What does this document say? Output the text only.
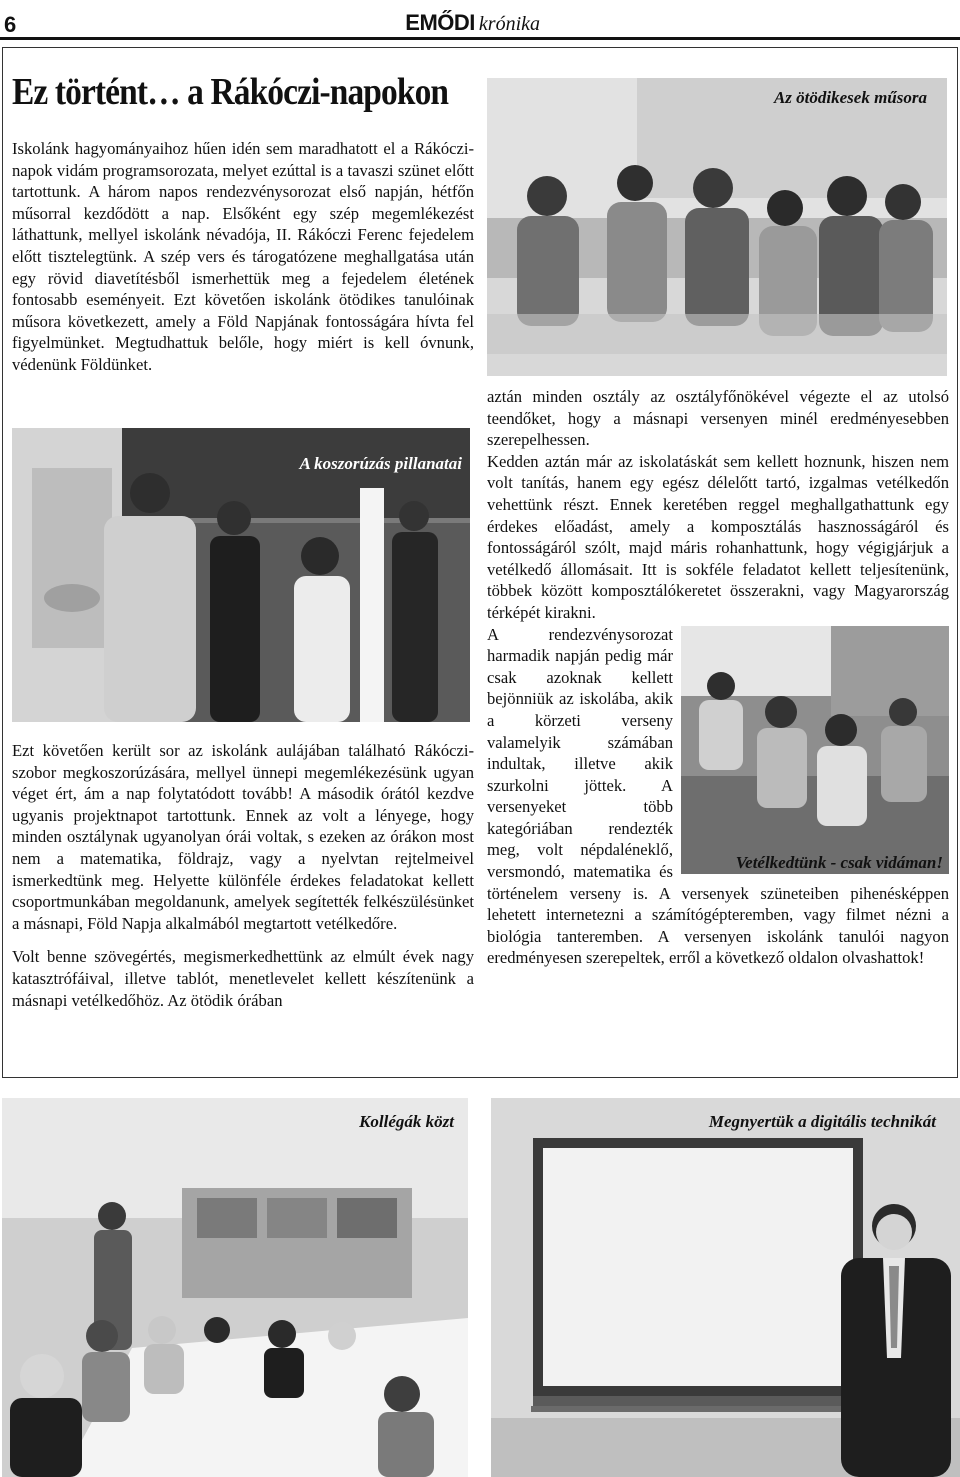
6	EMŐDI krónika
Ez történt… a Rákóczi-napokon

Iskolánk hagyományaihoz hűen idén sem maradhatott el a Rákóczi-napok vidám programsorozata, melyet ezúttal is a tavaszi szünet előtt tartottunk. A három napos rendezvénysorozat első napján, hétfőn műsorral kezdődött a nap. Elsőként egy szép megemlékezést láthattunk, mellyel iskolánk névadója, II. Rákóczi Ferenc fejedelem előtt tisztelegtünk. A szép vers és tárogatózene meghallgatása után egy rövid diavetítésből ismerhettük meg a fejedelem életének fontosabb eseményeit. Ezt követően iskolánk ötödikes tanulóinak műsora következett, amely a Föld Napjának fontosságára hívta fel figyelmünket. Megtudhattuk belőle, hogy miért is kell óvnunk, védenünk Földünket.

A koszorúzás pillanatai

Ezt követően került sor az iskolánk aulájában található Rákóczi-szobor megkoszorúzására, mellyel ünnepi megemlékezésünk ugyan véget ért, ám a nap folytatódott tovább! A második órától kezdve ugyanis projektnapot tartottunk. Ennek az volt a lényege, hogy minden osztálynak ugyanolyan órái voltak, s ezeken az órákon most nem a matematika, földrajz, vagy a nyelvtan rejtelmeivel ismerkedtünk meg. Helyette különféle érdekes feladatokat kellett csoportmunkában megoldanunk, amelyek segítették felkészülésünket a másnapi, Föld Napja alkalmából megtartott vetélkedőre.

Volt benne szövegértés, megismerkedhettünk az elmúlt évek nagy katasztrófáival, illetve tablót, menetlevelet kellett készítenünk a másnapi vetélkedőhöz. Az ötödik órában

Az ötödikesek műsora

aztán minden osztály az osztályfőnökével végezte el az utolsó teendőket, hogy a másnapi versenyen minél eredményesebben szerepelhessen.

Kedden aztán már az iskolatáskát sem kellett hoznunk, hiszen nem volt tanítás, hanem egy egész délelőtt tartó, izgalmas vetélkedőn vehettünk részt. Ennek keretében reggel meghallgathattunk egy érdekes előadást, amely a komposztálás hasznosságáról és fontosságáról szólt, majd máris rohanhattunk, hogy végigjárjuk a vetélkedő állomásait. Itt is sokféle feladatot kellett teljesítenünk, többek között komposztálókeretet összerakni, vagy Magyarország térképét kirakni.

Vetélkedtünk - csak vidáman!
A rendezvénysorozat harmadik napján pedig már csak azoknak kellett bejönniük az iskolába, akik a körzeti verseny valamelyik számában indultak, illetve akik szurkolni jöttek. A versenyeket több kategóriában rendezték meg, volt népdaléneklő, versmondó, matematika és történelem verseny is. A versenyek szüneteiben pihenésképpen lehetett internetezni a számítógépteremben, vagy filmet nézni a biológia tanteremben. A versenyen iskolánk tanulói nagyon eredményesen szerepeltek, erről a következő oldalon olvashattok!

Kollégák közt	Megnyertük a digitális technikát
